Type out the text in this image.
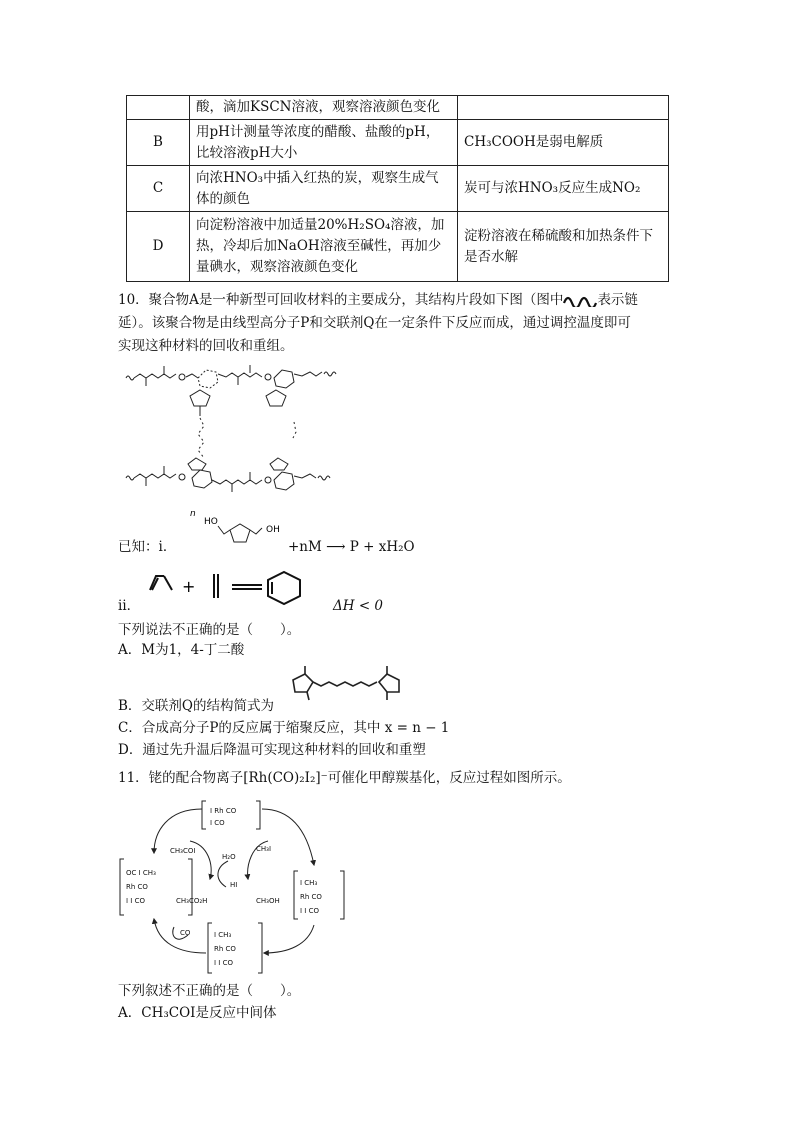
	酸，滴加KSCN溶液，观察溶液颜色变化	
B	用pH计测量等浓度的醋酸、盐酸的pH，比较溶液pH大小	CH₃COOH是弱电解质
C	向浓HNO₃中插入红热的炭，观察生成气体的颜色	炭可与浓HNO₃反应生成NO₂
D	向淀粉溶液中加适量20%H₂SO₄溶液，加热，冷却后加NaOH溶液至碱性，再加少量碘水，观察溶液颜色变化	淀粉溶液在稀硫酸和加热条件下是否水解
10．聚合物A是一种新型可回收材料的主要成分，其结构片段如下图（图中	表示链
延）。该聚合物是由线型高分子P和交联剂Q在一定条件下反应而成，通过调控温度即可
实现这种材料的回收和重组。
已知：ⅰ．
n
HO
OH
+nM ⟶ P + xH₂O
ⅱ．
+
ΔH < 0
下列说法不正确的是（　　）。
A．M为1，4-丁二酸
B．交联剂Q的结构简式为
C．合成高分子P的反应属于缩聚反应，其中 x = n − 1
D．通过先升温后降温可实现这种材料的回收和重塑
11．铑的配合物离子[Rh(CO)₂I₂]⁻可催化甲醇羰基化，反应过程如图所示。
I Rh CO
I CO
OC I CH₃
Rh CO
I I CO
I CH₃
Rh CO
I I CO
I CH₃
Rh CO
I I CO
CH₃COI
H₂O
CH₃I
HI
CH₃CO₂H	CH₃OH
CO
下列叙述不正确的是（　　）。
A．CH₃COI是反应中间体
